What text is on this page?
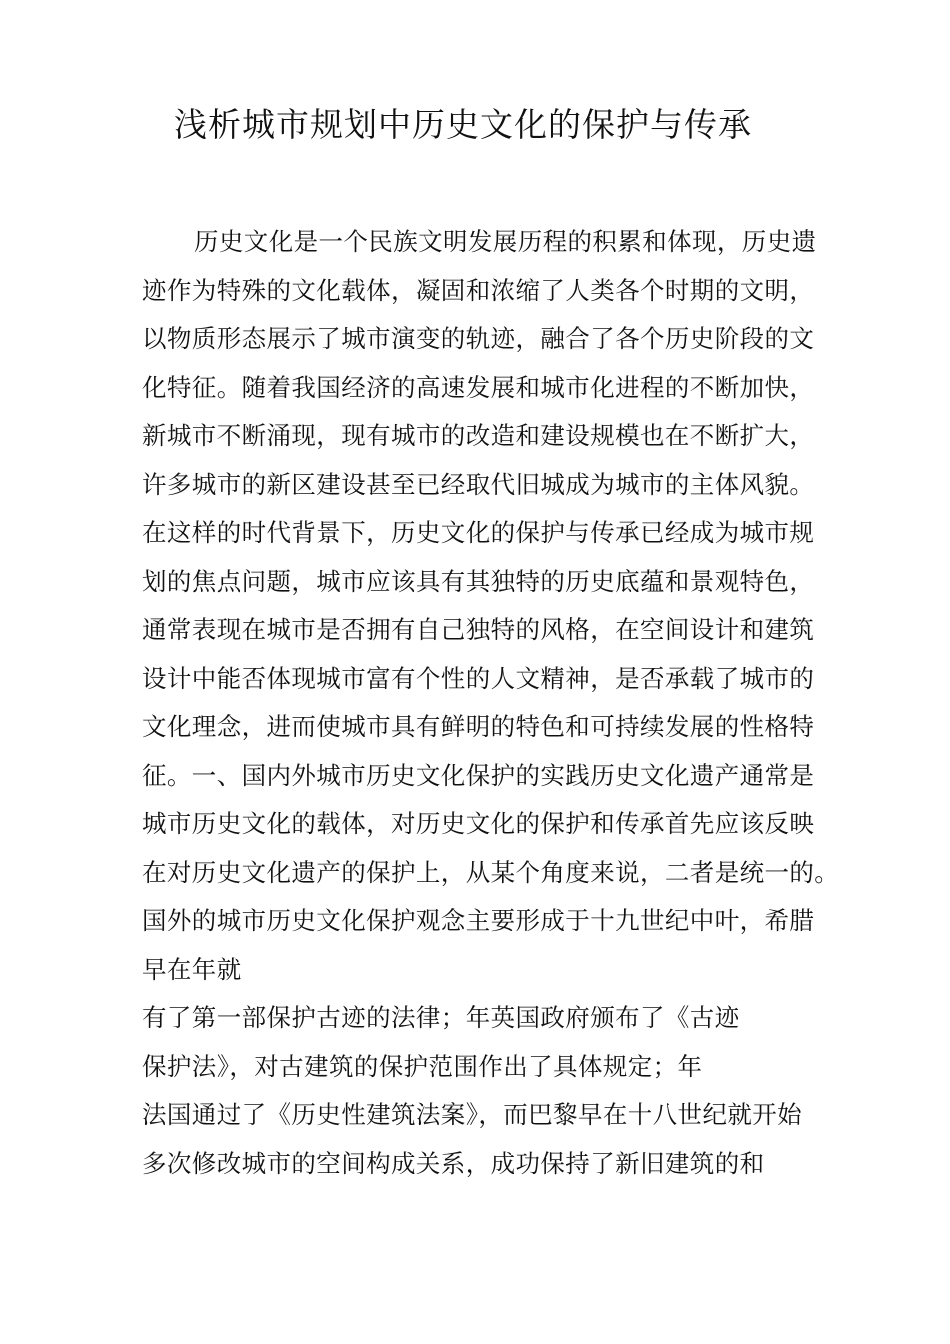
浅析城市规划中历史文化的保护与传承
历史文化是一个民族文明发展历程的积累和体现，历史遗
迹作为特殊的文化载体，凝固和浓缩了人类各个时期的文明，
以物质形态展示了城市演变的轨迹，融合了各个历史阶段的文
化特征。随着我国经济的高速发展和城市化进程的不断加快，
新城市不断涌现，现有城市的改造和建设规模也在不断扩大，
许多城市的新区建设甚至已经取代旧城成为城市的主体风貌。
在这样的时代背景下，历史文化的保护与传承已经成为城市规
划的焦点问题，城市应该具有其独特的历史底蕴和景观特色，
通常表现在城市是否拥有自己独特的风格，在空间设计和建筑
设计中能否体现城市富有个性的人文精神，是否承载了城市的
文化理念，进而使城市具有鲜明的特色和可持续发展的性格特
征。一、国内外城市历史文化保护的实践历史文化遗产通常是
城市历史文化的载体，对历史文化的保护和传承首先应该反映
在对历史文化遗产的保护上，从某个角度来说，二者是统一的。
国外的城市历史文化保护观念主要形成于十九世纪中叶，希腊
早在年就
有了第一部保护古迹的法律；年英国政府颁布了《古迹
保护法》，对古建筑的保护范围作出了具体规定；年
法国通过了《历史性建筑法案》，而巴黎早在十八世纪就开始
多次修改城市的空间构成关系，成功保持了新旧建筑的和
